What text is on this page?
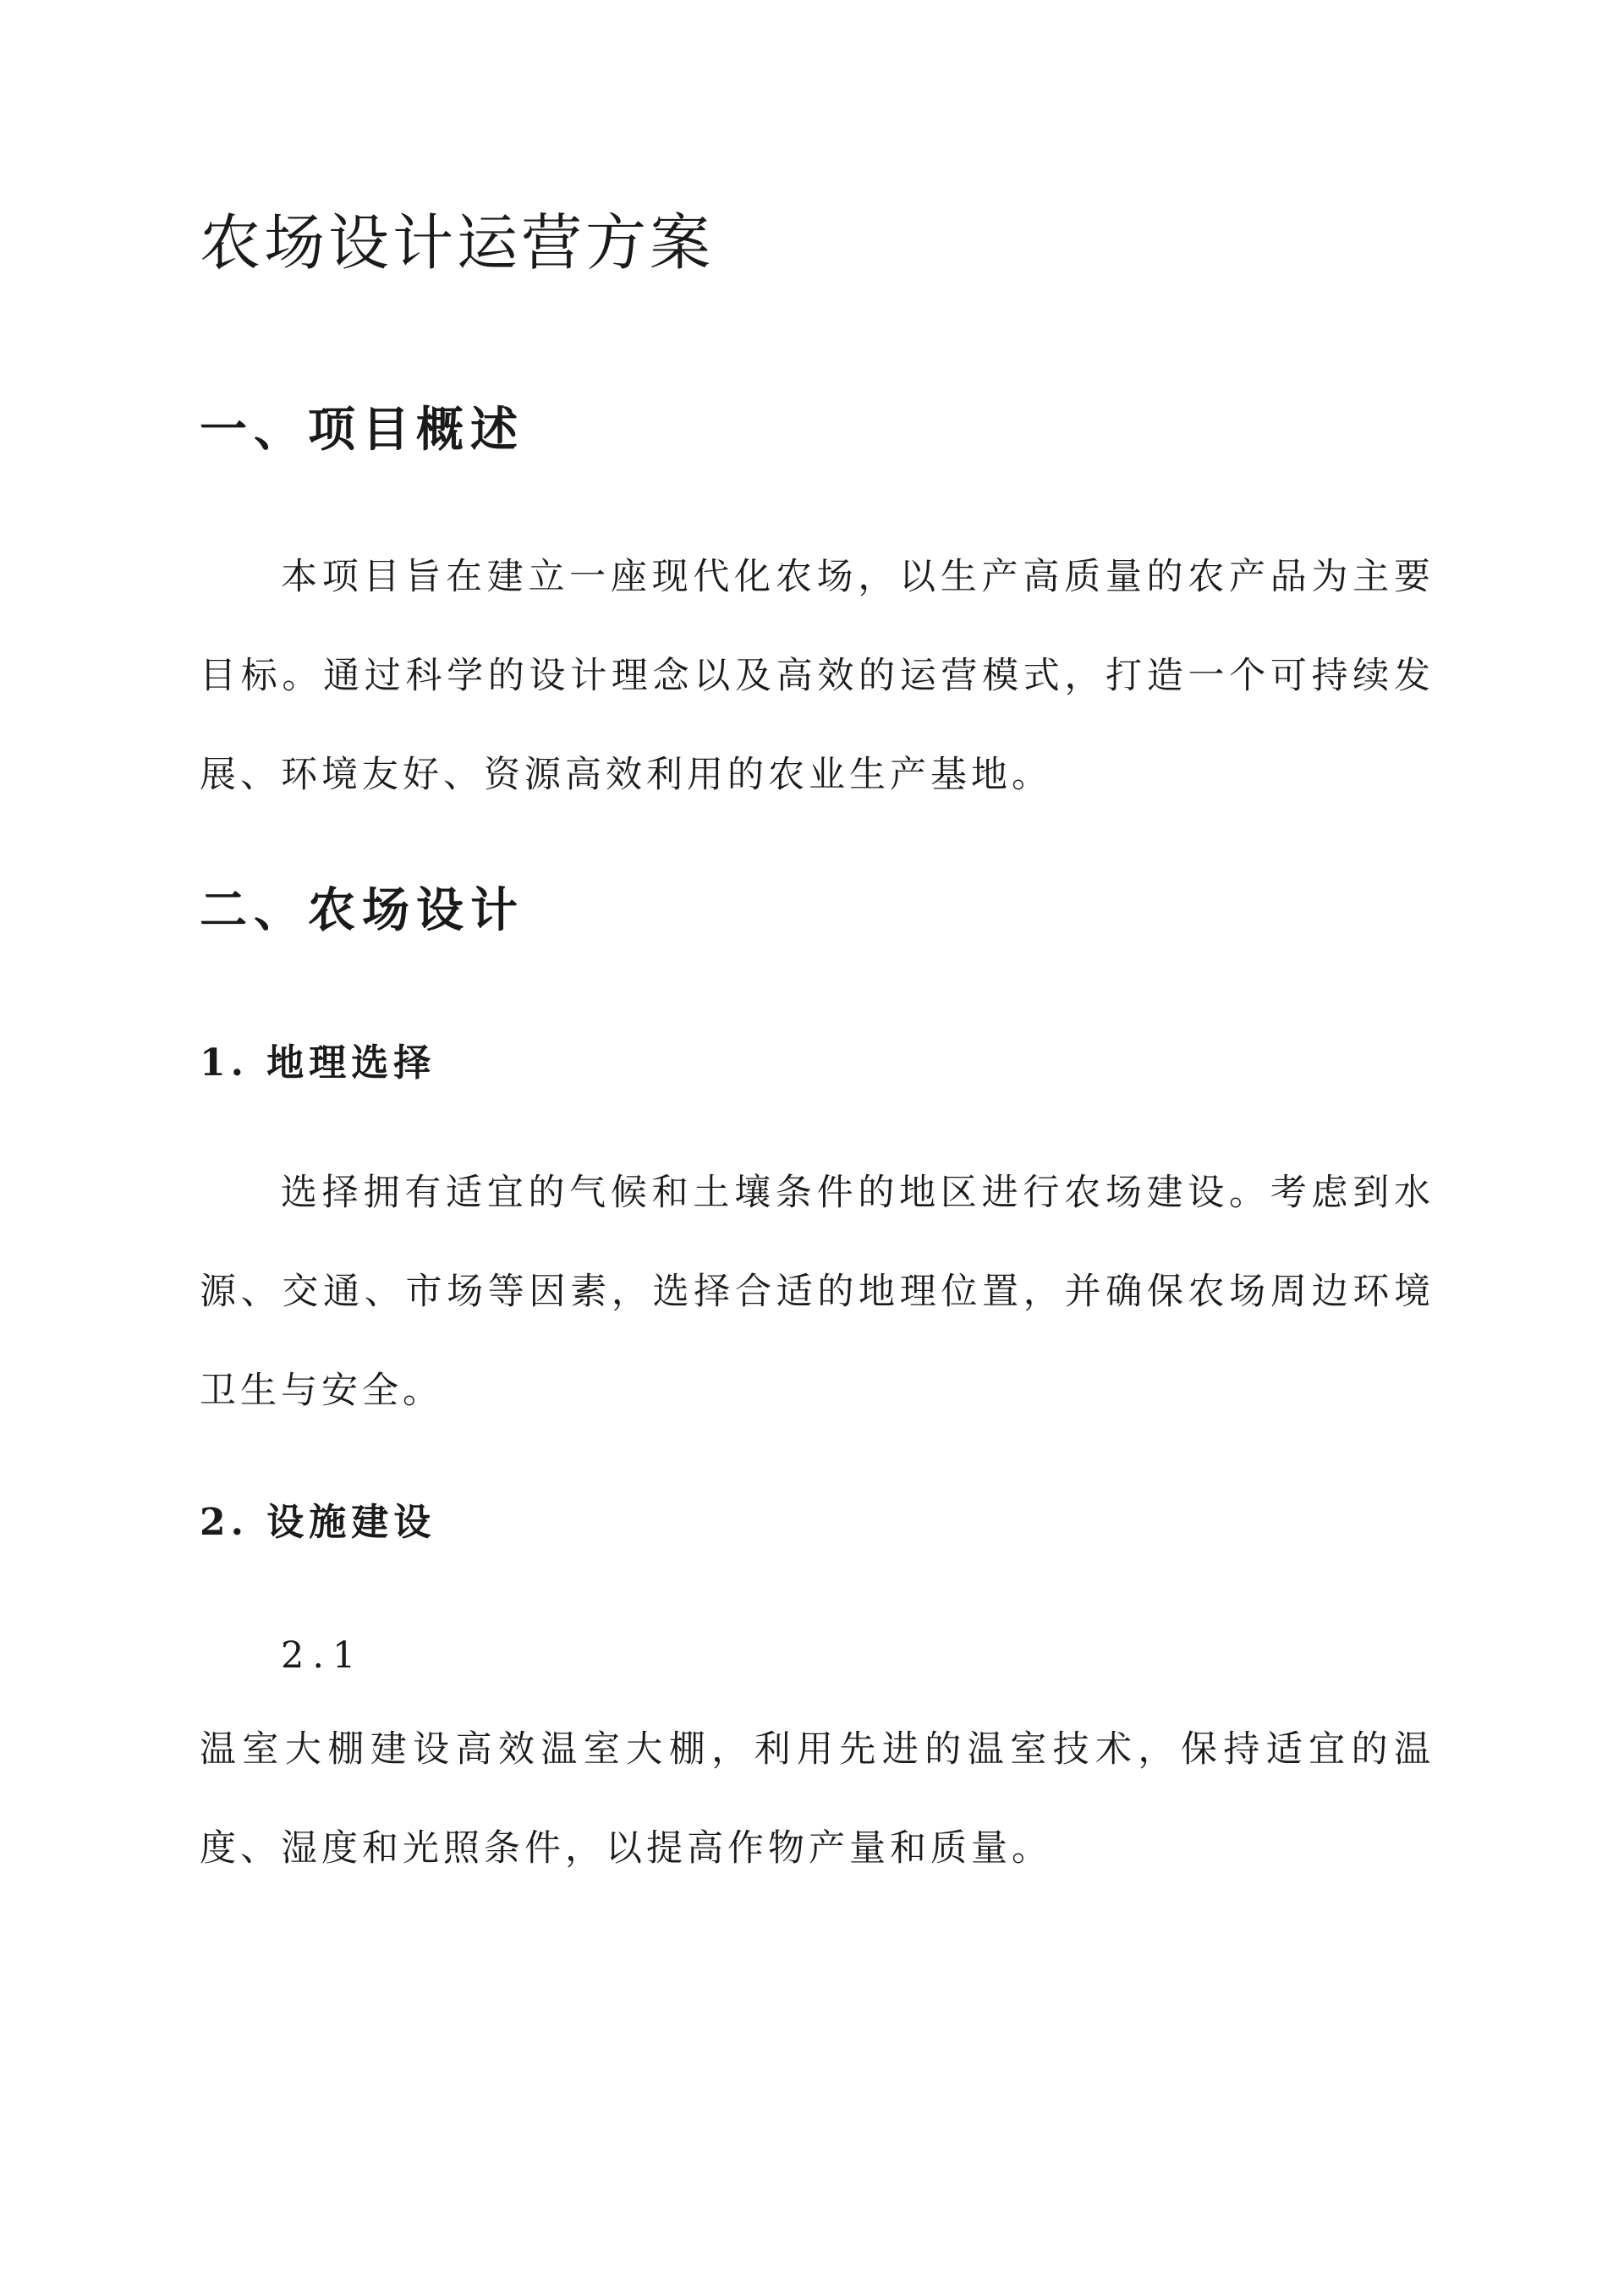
农场设计运营方案
一、项目概述

本项目旨在建立一座现代化农场，以生产高质量的农产品为主要目标。通过科学的设计理念以及高效的运营模式，打造一个可持续发展、环境友好、资源高效利用的农业生产基地。

二、农场设计
1. 地理选择

选择拥有适宜的气候和土壤条件的地区进行农场建设。考虑到水源、交通、市场等因素，选择合适的地理位置，并确保农场周边环境卫生与安全。

2. 设施建设
2.1

温室大棚建设高效温室大棚，利用先进的温室技术，保持适宜的温度、湿度和光照条件，以提高作物产量和质量。
